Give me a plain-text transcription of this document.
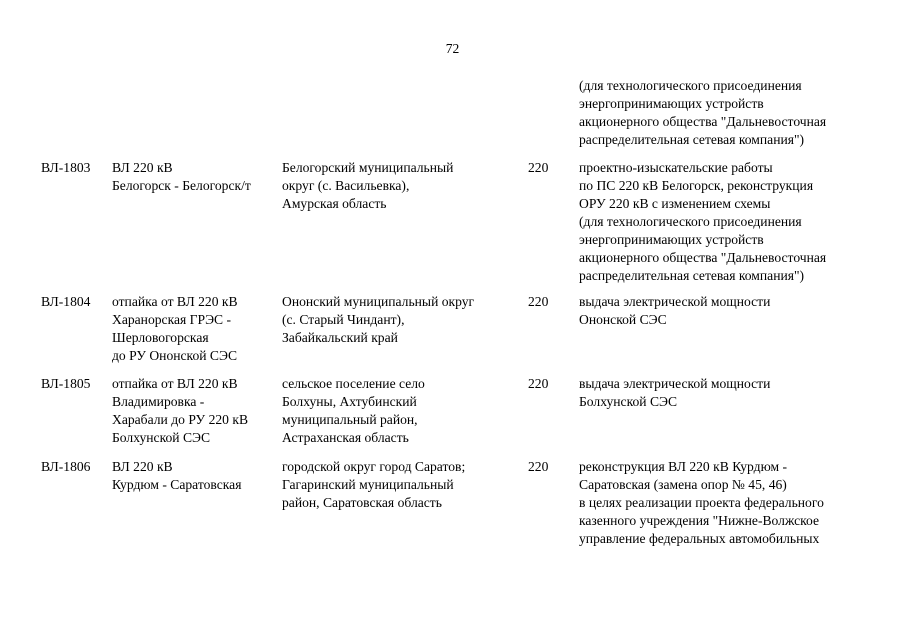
72
(для технологического присоединения
энергопринимающих устройств
акционерного общества "Дальневосточная
распределительная сетевая компания")
ВЛ-1803 ВЛ 220 кВ
Белогорск - Белогорск/т
Белогорский муниципальный
округ (с. Васильевка),
Амурская область
220 проектно-изыскательские работы
по ПС 220 кВ Белогорск, реконструкция
ОРУ 220 кВ с изменением схемы
(для технологического присоединения
энергопринимающих устройств
акционерного общества "Дальневосточная
распределительная сетевая компания")
ВЛ-1804 отпайка от ВЛ 220 кВ
Харанорская ГРЭС -
Шерловогорская
до РУ Ононской СЭС
Ононский муниципальный округ
(с. Старый Чиндант),
Забайкальский край
220 выдача электрической мощности
Ононской СЭС
ВЛ-1805 отпайка от ВЛ 220 кВ
Владимировка -
Харабали до РУ 220 кВ
Болхунской СЭС
сельское поселение село
Болхуны, Ахтубинский
муниципальный район,
Астраханская область
220 выдача электрической мощности
Болхунской СЭС
ВЛ-1806 ВЛ 220 кВ
Курдюм - Саратовская
городской округ город Саратов;
Гагаринский муниципальный
район, Саратовская область
220 реконструкция ВЛ 220 кВ Курдюм -
Саратовская (замена опор № 45, 46)
в целях реализации проекта федерального
казенного учреждения "Нижне-Волжское
управление федеральных автомобильных
